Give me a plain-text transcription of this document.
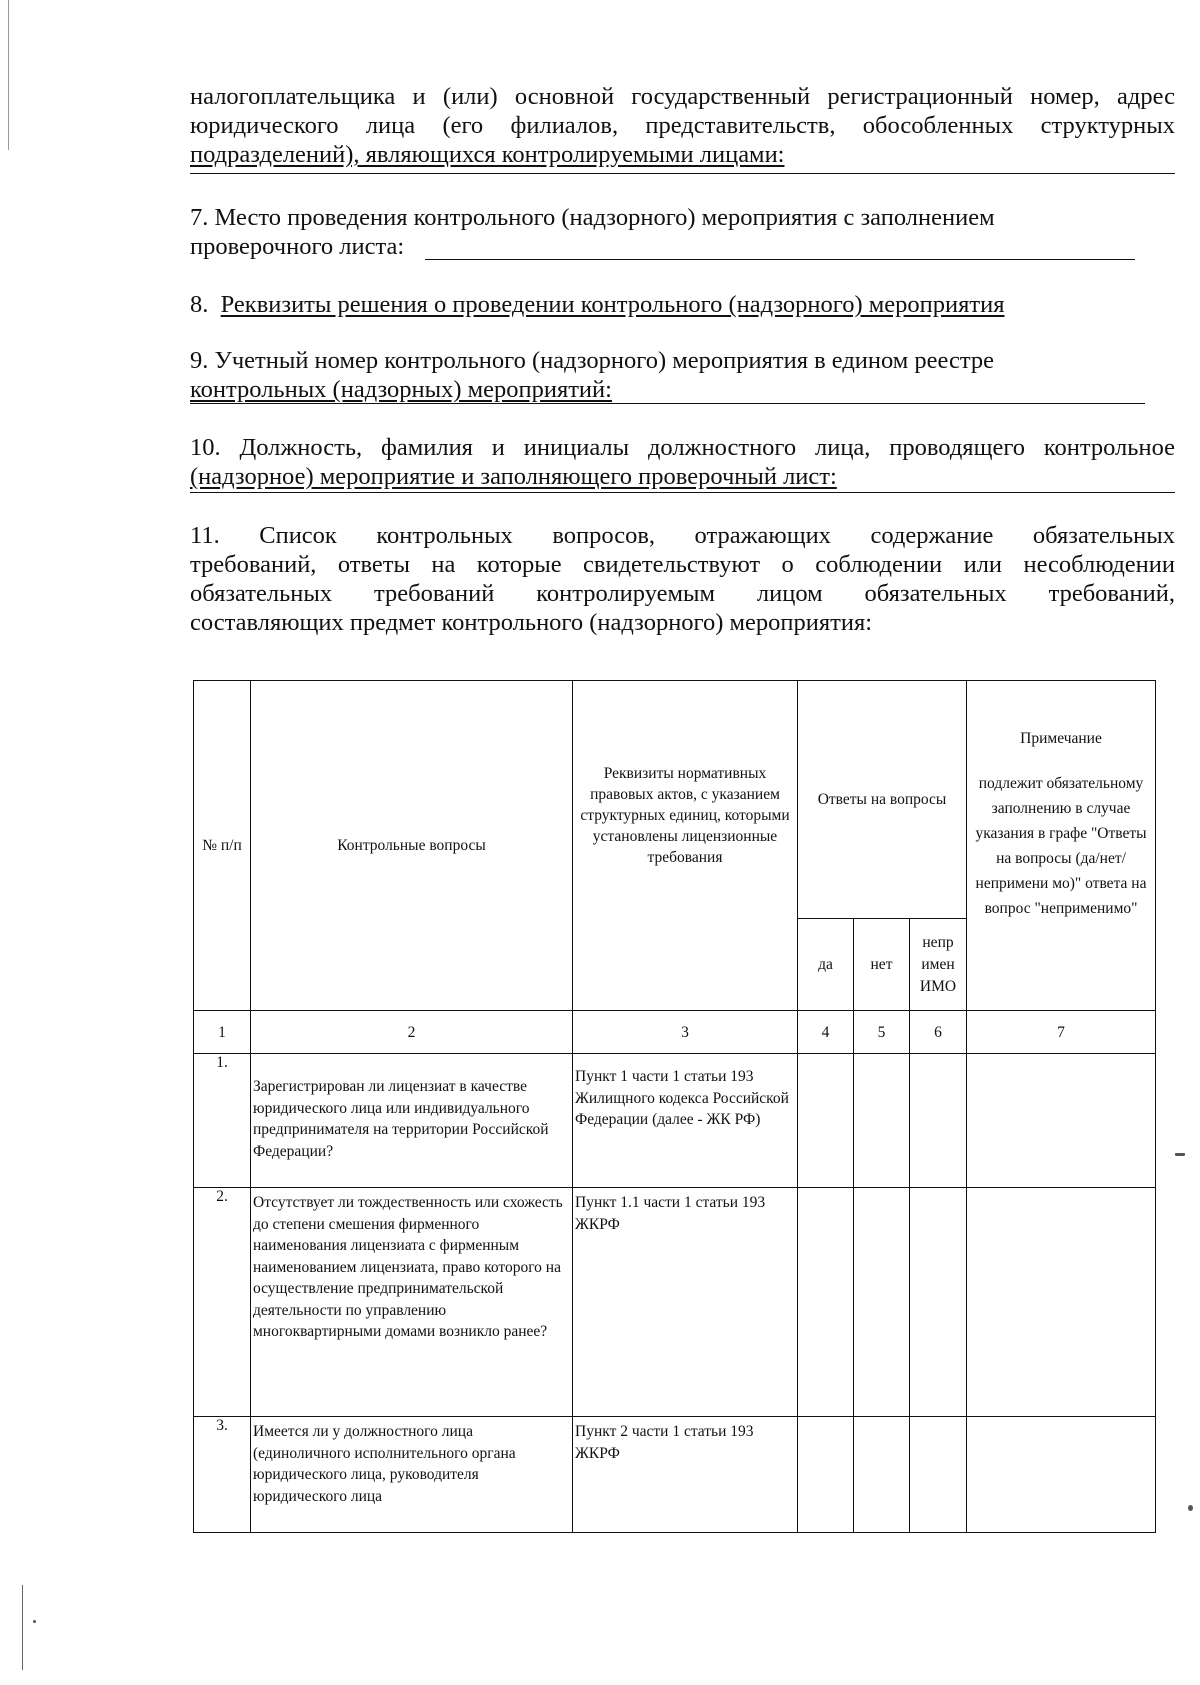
налогоплательщика и (или) основной государственный регистрационный номер, адрес
юридического лица (его филиалов, представительств, обособленных структурных
подразделений), являющихся контролируемыми лицами:
7. Место проведения контрольного (надзорного) мероприятия с заполнением
проверочного листа:
8. Реквизиты решения о проведении контрольного (надзорного) мероприятия
9. Учетный номер контрольного (надзорного) мероприятия в едином реестре
контрольных (надзорных) мероприятий:
10. Должность, фамилия и инициалы должностного лица, проводящего контрольное
(надзорное) мероприятие и заполняющего проверочный лист:
11. Список контрольных вопросов, отражающих содержание обязательных
требований, ответы на которые свидетельствуют о соблюдении или несоблюдении
обязательных требований контролируемым лицом обязательных требований,
составляющих предмет контрольного (надзорного) мероприятия:
№ п/п	Контрольные вопросы	Реквизиты нормативных правовых актов, с указанием структурных единиц, которыми установлены лицензионные требования	Ответы на вопросы			Примечание
подлежит обязательному заполнению в случае указания в графе "Ответы на вопросы (да/нет/непримени мо)" ответа на вопрос "неприменимо"

			да	нет	непр имен ИМО	
1	2	3	4	5	6	7
1.	Зарегистрирован ли лицензиат в качестве юридического лица или индивидуального предпринимателя на территории Российской Федерации?	Пункт 1 части 1 статьи 193 Жилищного кодекса Российской Федерации (далее - ЖК РФ)				

2.	Отсутствует ли тождественность или схожесть до степени смешения фирменного наименования лицензиата с фирменным наименованием лицензиата, право которого на осуществление предпринимательской деятельности по управлению многоквартирными домами возникло ранее?	Пункт 1.1 части 1 статьи 193 ЖКРФ				

3.	Имеется ли у должностного лица (единоличного исполнительного органа юридического лица, руководителя юридического лица	Пункт 2 части 1 статьи 193 ЖКРФ				
